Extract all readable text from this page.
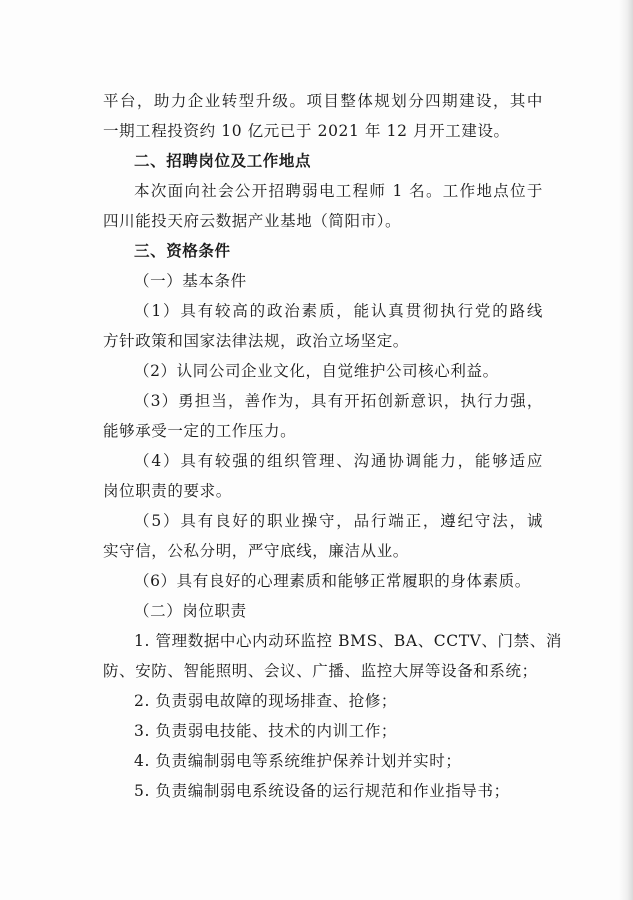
平台，助力企业转型升级。项目整体规划分四期建设，其中
一期工程投资约 10 亿元已于 2021 年 12 月开工建设。
二、招聘岗位及工作地点
本次面向社会公开招聘弱电工程师 1 名。工作地点位于
四川能投天府云数据产业基地（简阳市）。
三、资格条件
（一）基本条件
（1）具有较高的政治素质，能认真贯彻执行党的路线
方针政策和国家法律法规，政治立场坚定。
（2）认同公司企业文化，自觉维护公司核心利益。
（3）勇担当，善作为，具有开拓创新意识，执行力强，
能够承受一定的工作压力。
（4）具有较强的组织管理、沟通协调能力，能够适应
岗位职责的要求。
（5）具有良好的职业操守，品行端正，遵纪守法，诚
实守信，公私分明，严守底线，廉洁从业。
（6）具有良好的心理素质和能够正常履职的身体素质。
（二）岗位职责
1. 管理数据中心内动环监控 BMS、BA、CCTV、门禁、消
防、安防、智能照明、会议、广播、监控大屏等设备和系统；
2. 负责弱电故障的现场排查、抢修；
3. 负责弱电技能、技术的内训工作；
4. 负责编制弱电等系统维护保养计划并实时；
5. 负责编制弱电系统设备的运行规范和作业指导书；
